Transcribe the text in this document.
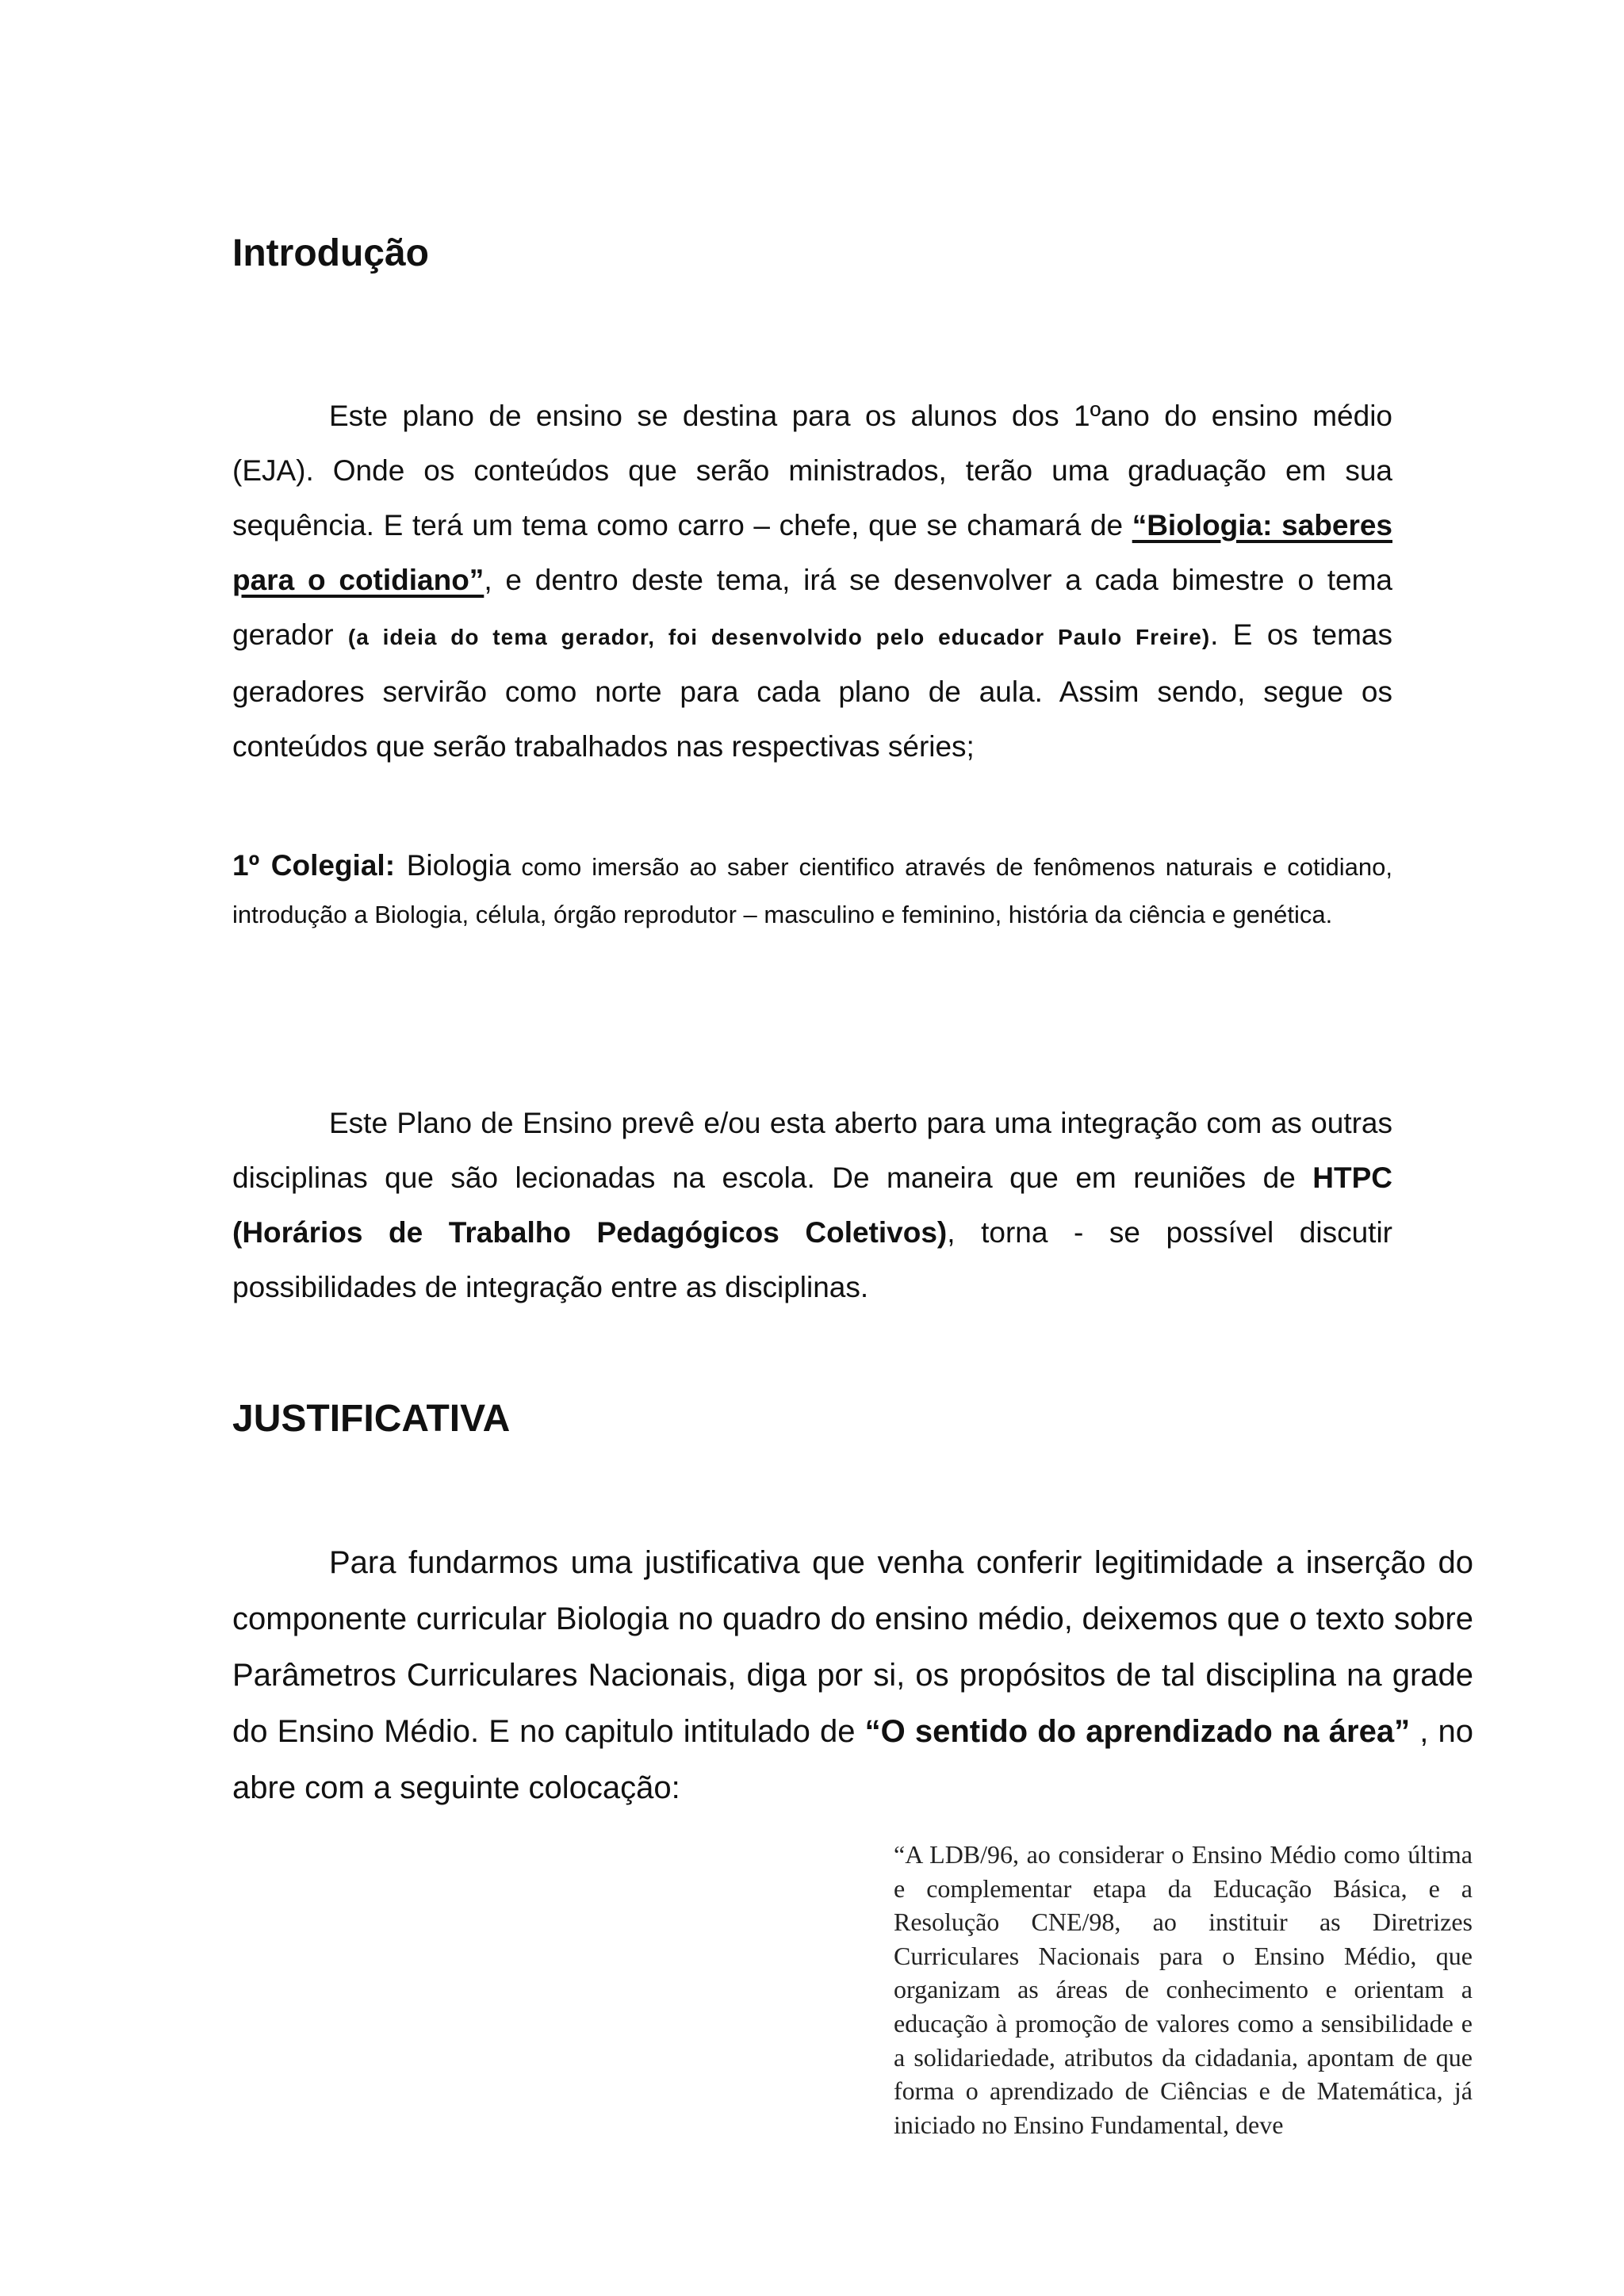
Introdução

Este plano de ensino se destina para os alunos dos 1ºano do ensino médio (EJA). Onde os conteúdos que serão ministrados, terão uma graduação em sua sequência. E terá um tema como carro – chefe, que se chamará de “Biologia: saberes para o cotidiano”, e dentro deste tema, irá se desenvolver a cada bimestre o tema gerador (a ideia do tema gerador, foi desenvolvido pelo educador Paulo Freire). E os temas geradores servirão como norte para cada plano de aula. Assim sendo, segue os conteúdos que serão trabalhados nas respectivas séries;

1º Colegial: Biologia como imersão ao saber cientifico através de fenômenos naturais e cotidiano, introdução a Biologia, célula, órgão reprodutor – masculino e feminino, história da ciência e genética.

Este Plano de Ensino prevê e/ou esta aberto para uma integração com as outras disciplinas que são lecionadas na escola. De maneira que em reuniões de HTPC (Horários de Trabalho Pedagógicos Coletivos), torna - se possível discutir possibilidades de integração entre as disciplinas.

JUSTIFICATIVA

Para fundarmos uma justificativa que venha conferir legitimidade a inserção do componente curricular Biologia no quadro do ensino médio, deixemos que o texto sobre Parâmetros Curriculares Nacionais, diga por si, os propósitos de tal disciplina na grade do Ensino Médio. E no capitulo intitulado de “O sentido do aprendizado na área” , no abre com a seguinte colocação:

“A LDB/96, ao considerar o Ensino Médio como última e complementar etapa da Educação Básica, e a Resolução CNE/98, ao instituir as Diretrizes Curriculares Nacionais para o Ensino Médio, que organizam as áreas de conhecimento e orientam a educação à promoção de valores como a sensibilidade e a solidariedade, atributos da cidadania, apontam de que forma o aprendizado de Ciências e de Matemática, já iniciado no Ensino Fundamental, deve
